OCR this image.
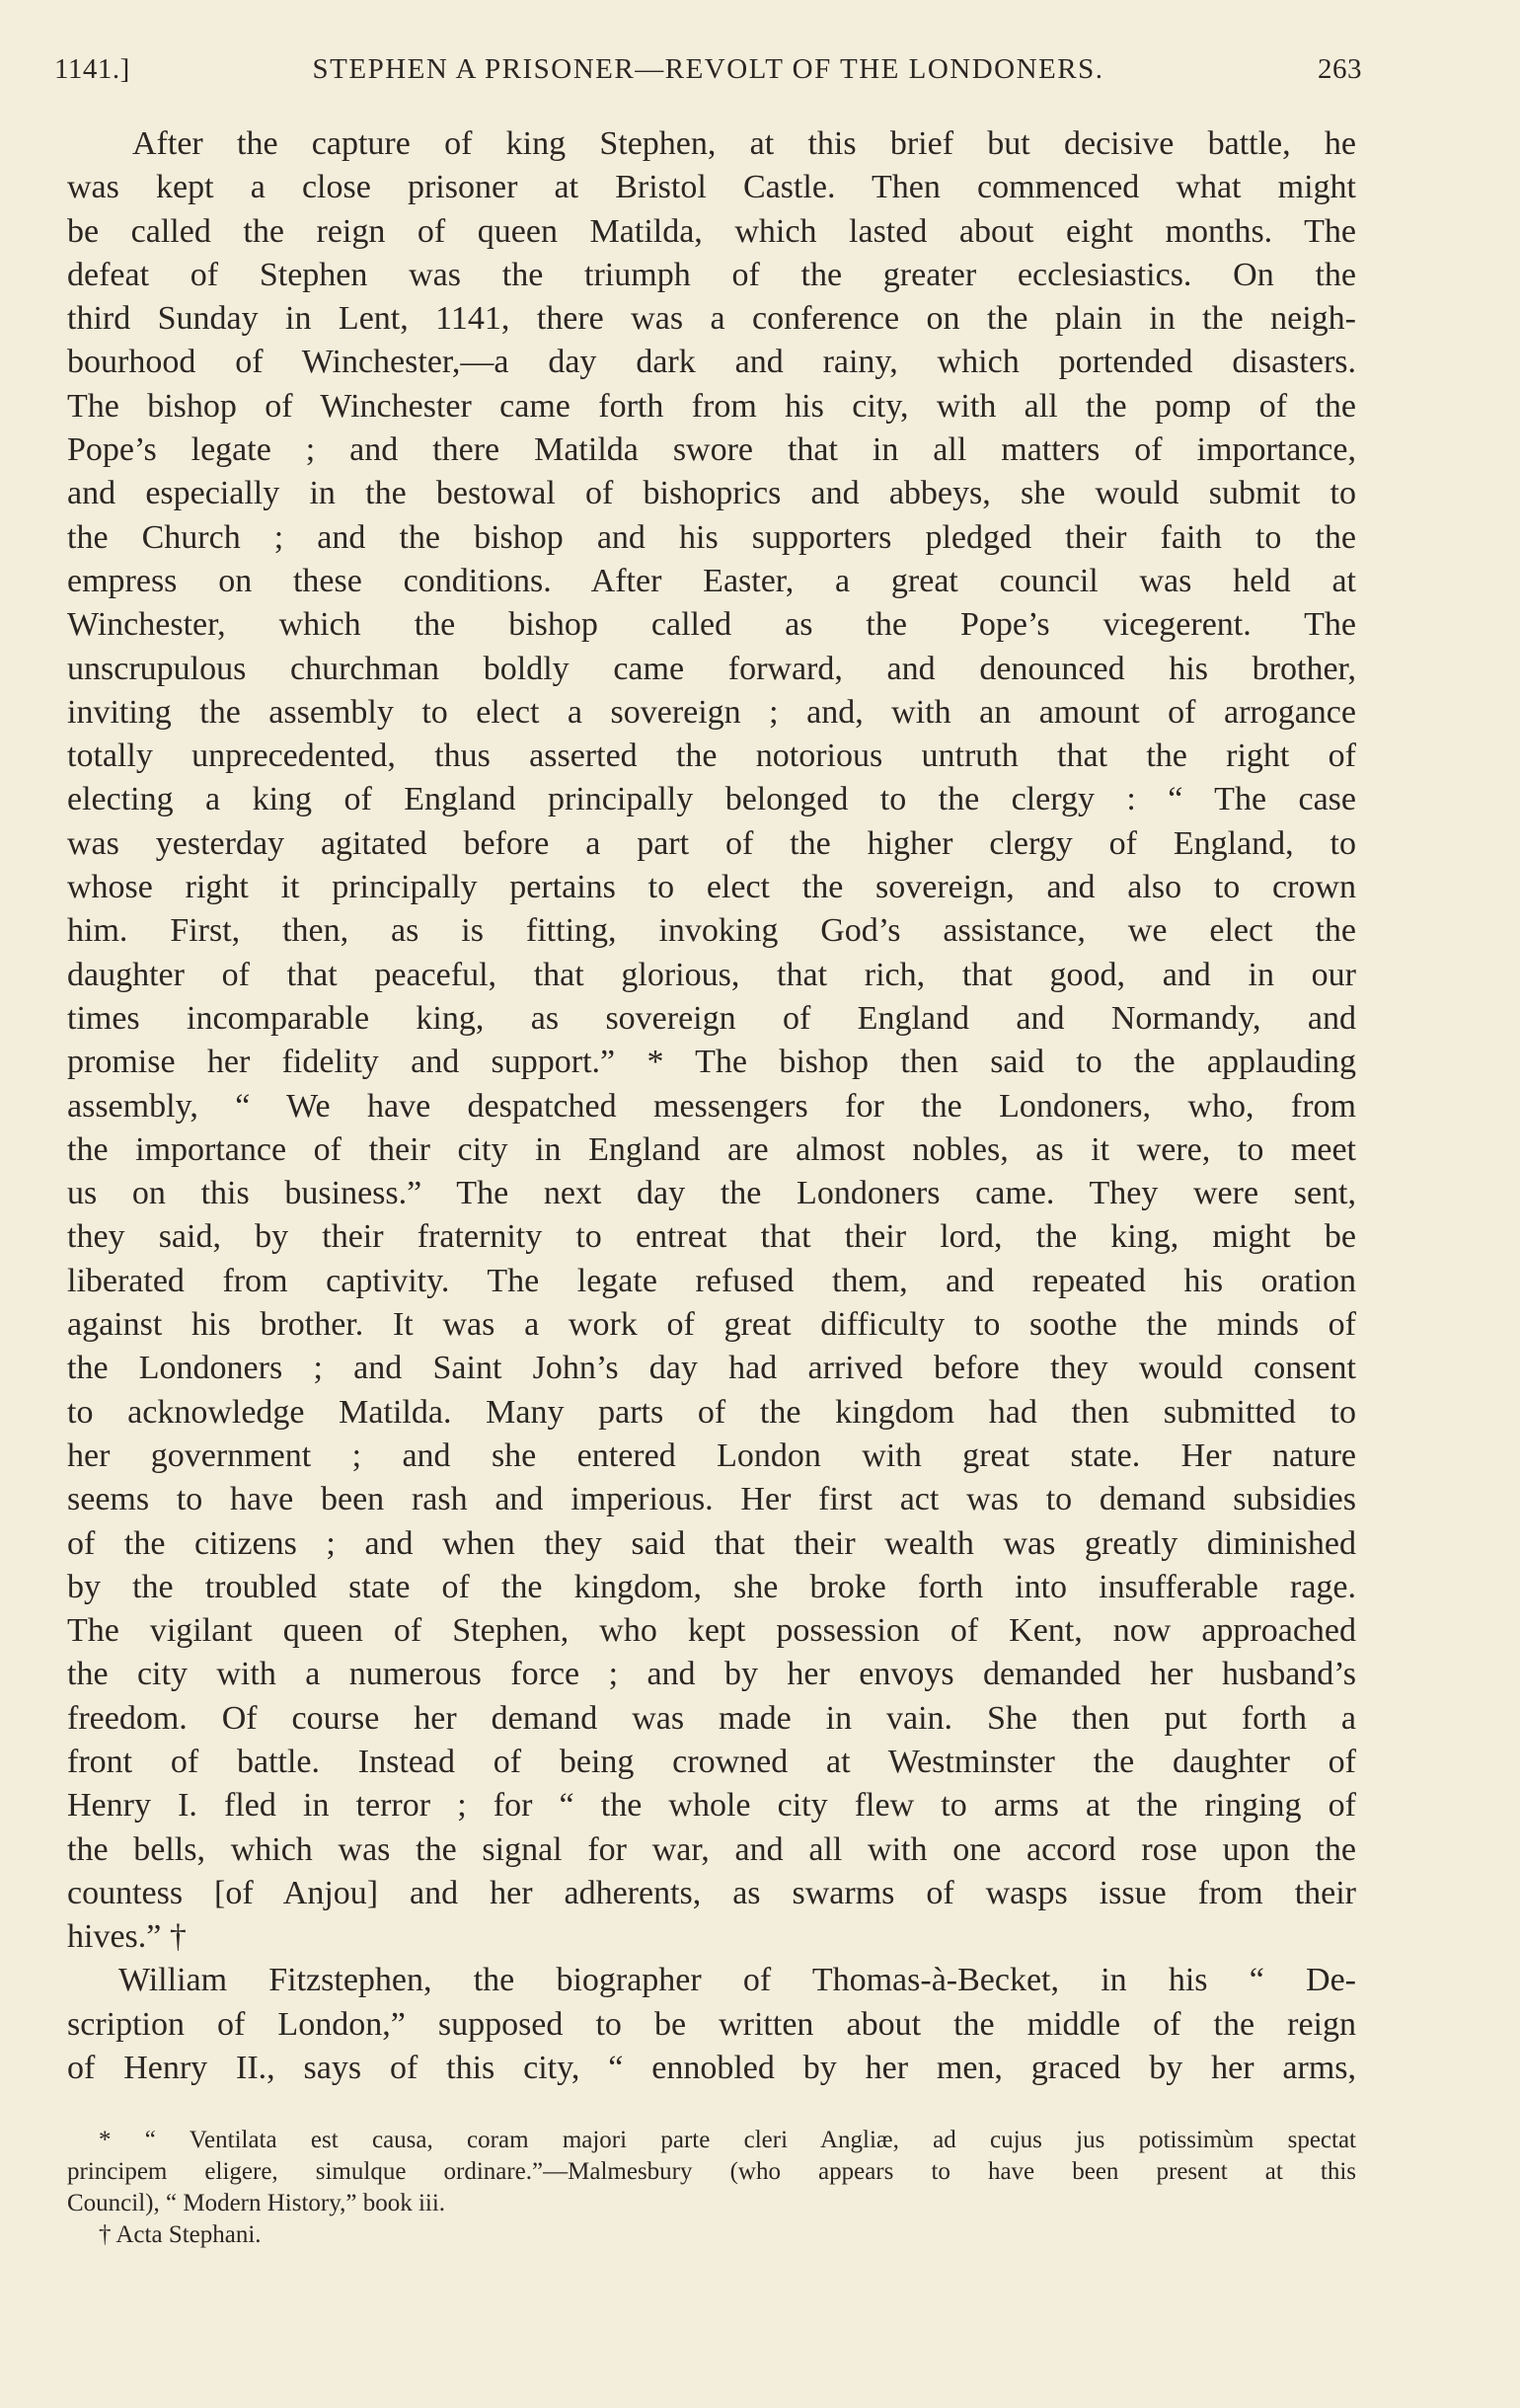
1141.]	STEPHEN A PRISONER—REVOLT OF THE LONDONERS.	263
After the capture of king Stephen, at this brief but decisive battle, he
was kept a close prisoner at Bristol Castle. Then commenced what might
be called the reign of queen Matilda, which lasted about eight months. The
defeat of Stephen was the triumph of the greater ecclesiastics. On the
third Sunday in Lent, 1141, there was a conference on the plain in the neigh-
bourhood of Winchester,—a day dark and rainy, which portended disasters.
The bishop of Winchester came forth from his city, with all the pomp of the
Pope’s legate ; and there Matilda swore that in all matters of importance,
and especially in the bestowal of bishoprics and abbeys, she would submit to
the Church ; and the bishop and his supporters pledged their faith to the
empress on these conditions. After Easter, a great council was held at
Winchester, which the bishop called as the Pope’s vicegerent. The
unscrupulous churchman boldly came forward, and denounced his brother,
inviting the assembly to elect a sovereign ; and, with an amount of arrogance
totally unprecedented, thus asserted the notorious untruth that the right of
electing a king of England principally belonged to the clergy : “ The case
was yesterday agitated before a part of the higher clergy of England, to
whose right it principally pertains to elect the sovereign, and also to crown
him. First, then, as is fitting, invoking God’s assistance, we elect the
daughter of that peaceful, that glorious, that rich, that good, and in our
times incomparable king, as sovereign of England and Normandy, and
promise her fidelity and support.” * The bishop then said to the applauding
assembly, “ We have despatched messengers for the Londoners, who, from
the importance of their city in England are almost nobles, as it were, to meet
us on this business.” The next day the Londoners came. They were sent,
they said, by their fraternity to entreat that their lord, the king, might be
liberated from captivity. The legate refused them, and repeated his oration
against his brother. It was a work of great difficulty to soothe the minds of
the Londoners ; and Saint John’s day had arrived before they would consent
to acknowledge Matilda. Many parts of the kingdom had then submitted to
her government ; and she entered London with great state. Her nature
seems to have been rash and imperious. Her first act was to demand subsidies
of the citizens ; and when they said that their wealth was greatly diminished
by the troubled state of the kingdom, she broke forth into insufferable rage.
The vigilant queen of Stephen, who kept possession of Kent, now approached
the city with a numerous force ; and by her envoys demanded her husband’s
freedom. Of course her demand was made in vain. She then put forth a
front of battle. Instead of being crowned at Westminster the daughter of
Henry I. fled in terror ; for “ the whole city flew to arms at the ringing of
the bells, which was the signal for war, and all with one accord rose upon the
countess [of Anjou] and her adherents, as swarms of wasps issue from their
hives.” †
William Fitzstephen, the biographer of Thomas-à-Becket, in his “ De-
scription of London,” supposed to be written about the middle of the reign
of Henry II., says of this city, “ ennobled by her men, graced by her arms,
* “ Ventilata est causa, coram majori parte cleri Angliæ, ad cujus jus potissimùm spectat
principem eligere, simulque ordinare.”—Malmesbury (who appears to have been present at this
Council), “ Modern History,” book iii.
† Acta Stephani.
